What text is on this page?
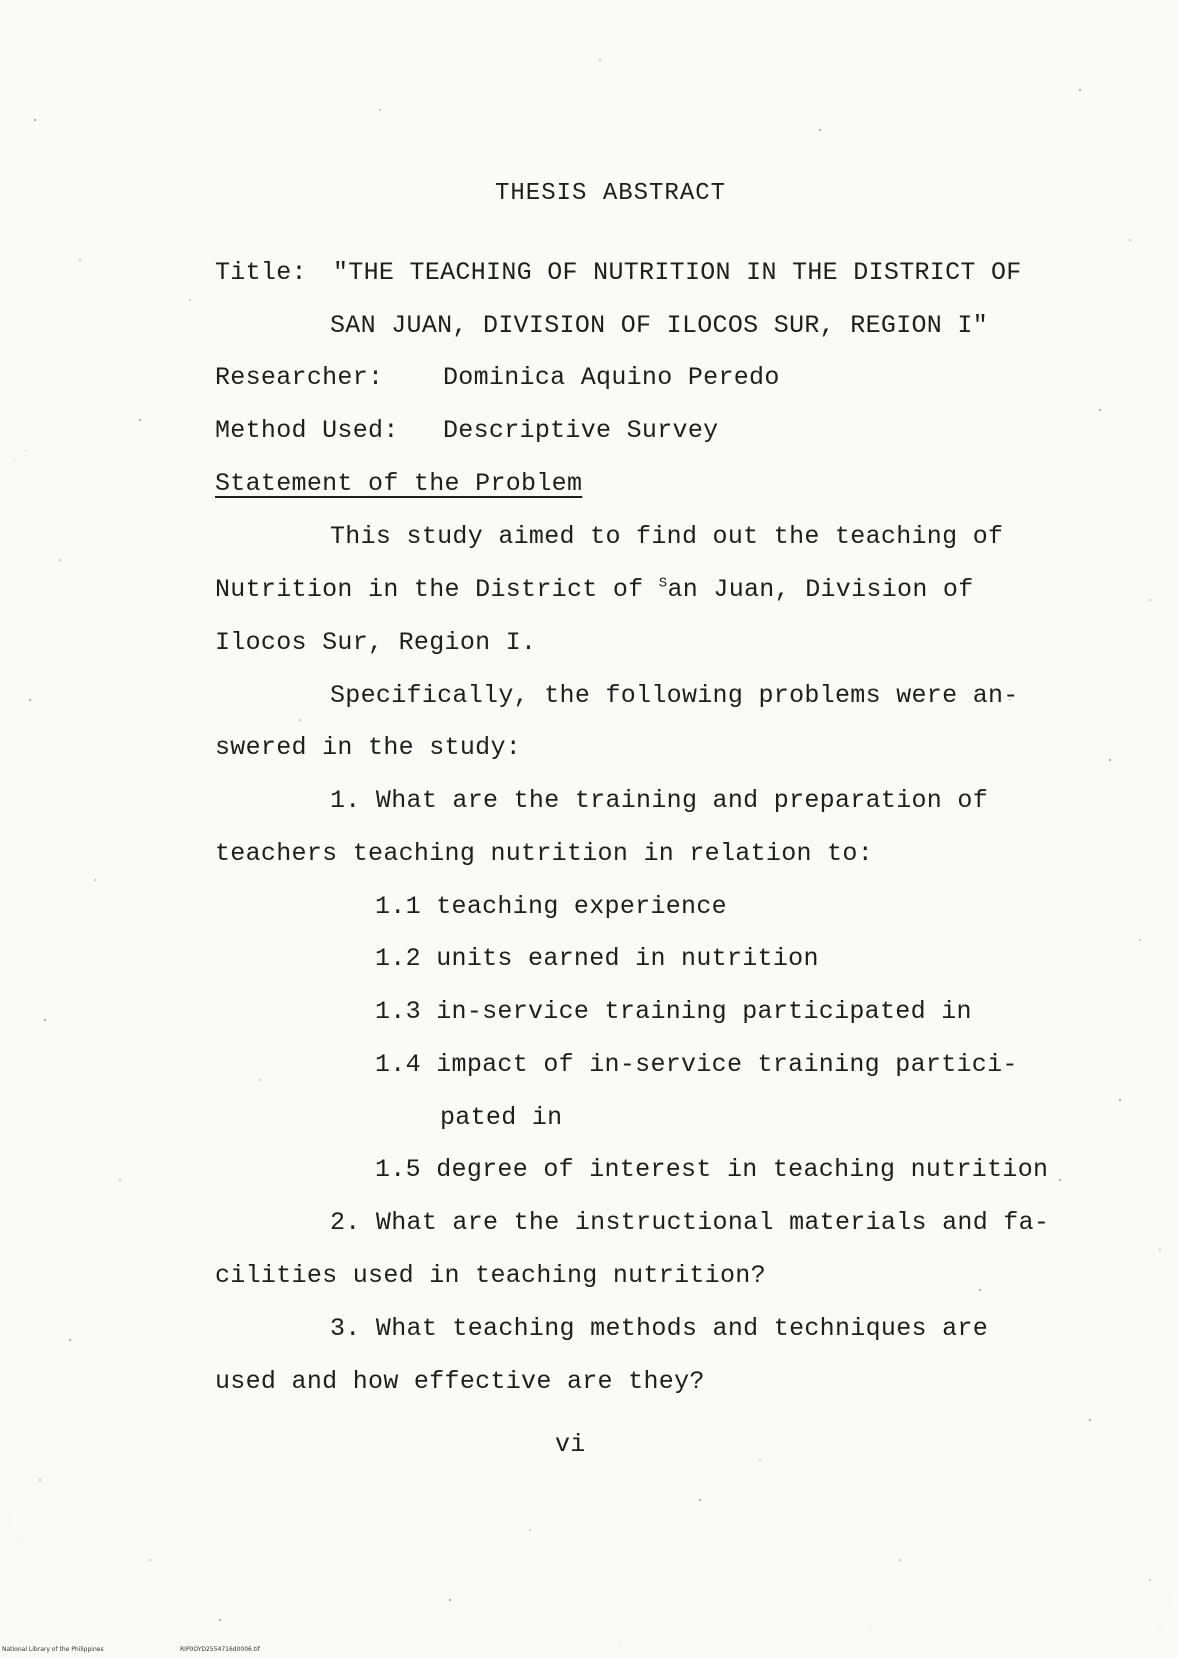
THESIS ABSTRACT
Title: "THE TEACHING OF NUTRITION IN THE DISTRICT OF
SAN JUAN, DIVISION OF ILOCOS SUR, REGION I"
Researcher: Dominica Aquino Peredo
Method Used: Descriptive Survey
Statement of the Problem
This study aimed to find out the teaching of
Nutrition in the District of $^S$an Juan, Division of
Ilocos Sur, Region I.
Specifically, the following problems were an-
swered in the study:
1. What are the training and preparation of
teachers teaching nutrition in relation to:
1.1 teaching experience
1.2 units earned in nutrition
1.3 in-service training participated in
1.4 impact of in-service training partici-
pated in
1.5 degree of interest in teaching nutrition
2. What are the instructional materials and fa-
cilities used in teaching nutrition?
3. What teaching methods and techniques are
used and how effective are they?
vi
National Library of the Philippines	RIP0OYD2554716d0006.tif
